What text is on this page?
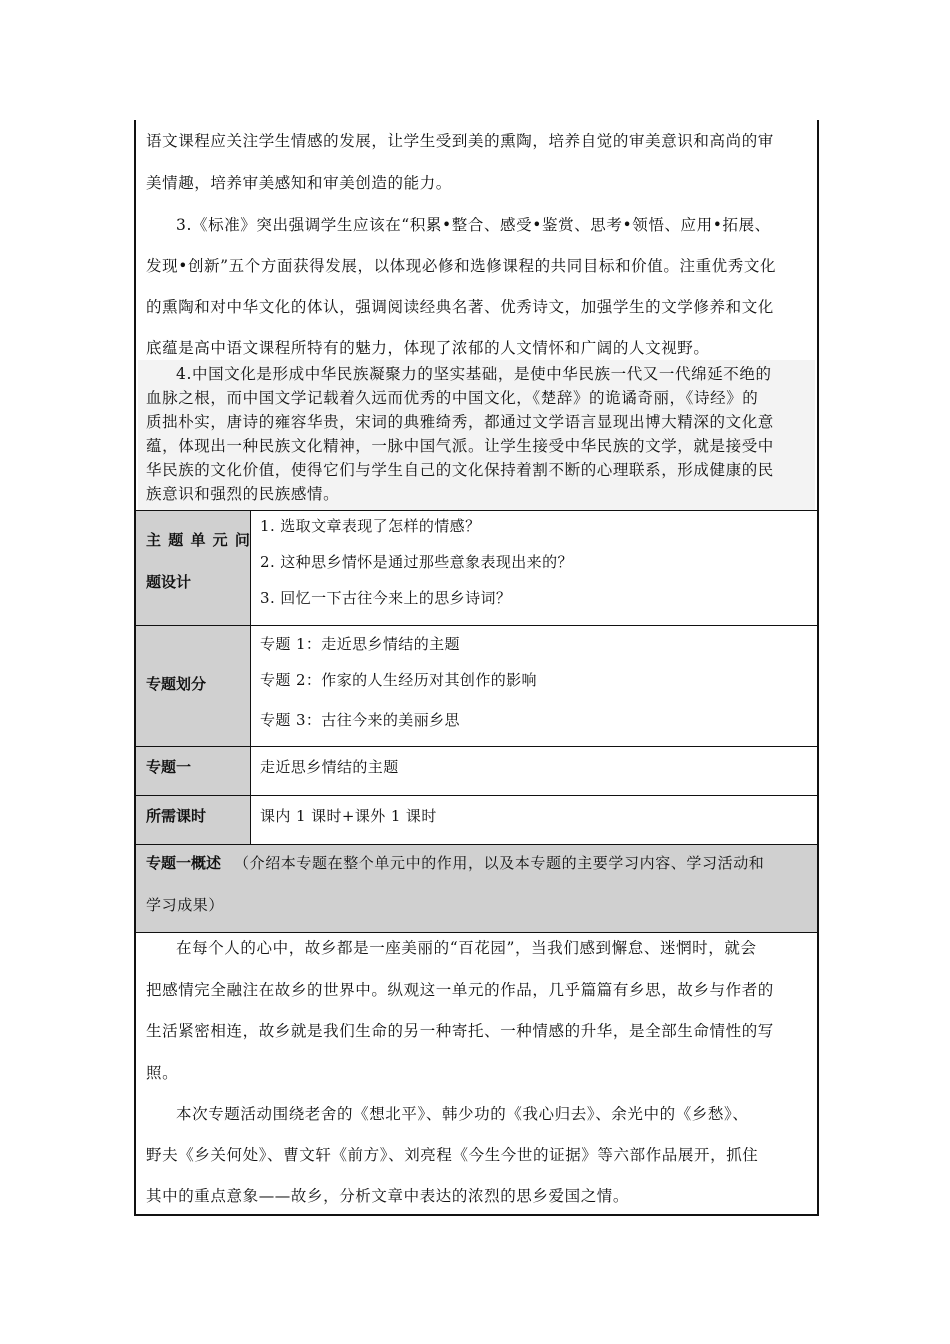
语文课程应关注学生情感的发展，让学生受到美的熏陶，培养自觉的审美意识和高尚的审
美情趣，培养审美感知和审美创造的能力。
3.《标准》突出强调学生应该在“积累•整合、感受•鉴赏、思考•领悟、应用•拓展、
发现•创新”五个方面获得发展，以体现必修和选修课程的共同目标和价值。注重优秀文化
的熏陶和对中华文化的体认，强调阅读经典名著、优秀诗文，加强学生的文学修养和文化
底蕴是高中语文课程所特有的魅力，体现了浓郁的人文情怀和广阔的人文视野。
4.中国文化是形成中华民族凝聚力的坚实基础，是使中华民族一代又一代绵延不绝的
血脉之根，而中国文学记载着久远而优秀的中国文化，《楚辞》的诡谲奇丽，《诗经》的
质拙朴实，唐诗的雍容华贵，宋词的典雅绮秀，都通过文学语言显现出博大精深的文化意
蕴，体现出一种民族文化精神，一脉中国气派。让学生接受中华民族的文学，就是接受中
华民族的文化价值，使得它们与学生自己的文化保持着割不断的心理联系，形成健康的民
族意识和强烈的民族感情。
主 题 单 元 问
题设计
1. 选取文章表现了怎样的情感？
2. 这种思乡情怀是通过那些意象表现出来的？
3. 回忆一下古往今来上的思乡诗词？
专题划分
专题 1：走近思乡情结的主题
专题 2：作家的人生经历对其创作的影响
专题 3：古往今来的美丽乡思
专题一	走近思乡情结的主题
所需课时	课内 1 课时+课外 1 课时
专题一概述 （介绍本专题在整个单元中的作用，以及本专题的主要学习内容、学习活动和
学习成果）
在每个人的心中，故乡都是一座美丽的“百花园”，当我们感到懈怠、迷惘时，就会
把感情完全融注在故乡的世界中。纵观这一单元的作品，几乎篇篇有乡思，故乡与作者的
生活紧密相连，故乡就是我们生命的另一种寄托、一种情感的升华，是全部生命情性的写
照。
本次专题活动围绕老舍的《想北平》、韩少功的《我心归去》、余光中的《乡愁》、
野夫《乡关何处》、曹文轩《前方》、刘亮程《今生今世的证据》等六部作品展开，抓住
其中的重点意象——故乡，分析文章中表达的浓烈的思乡爱国之情。
